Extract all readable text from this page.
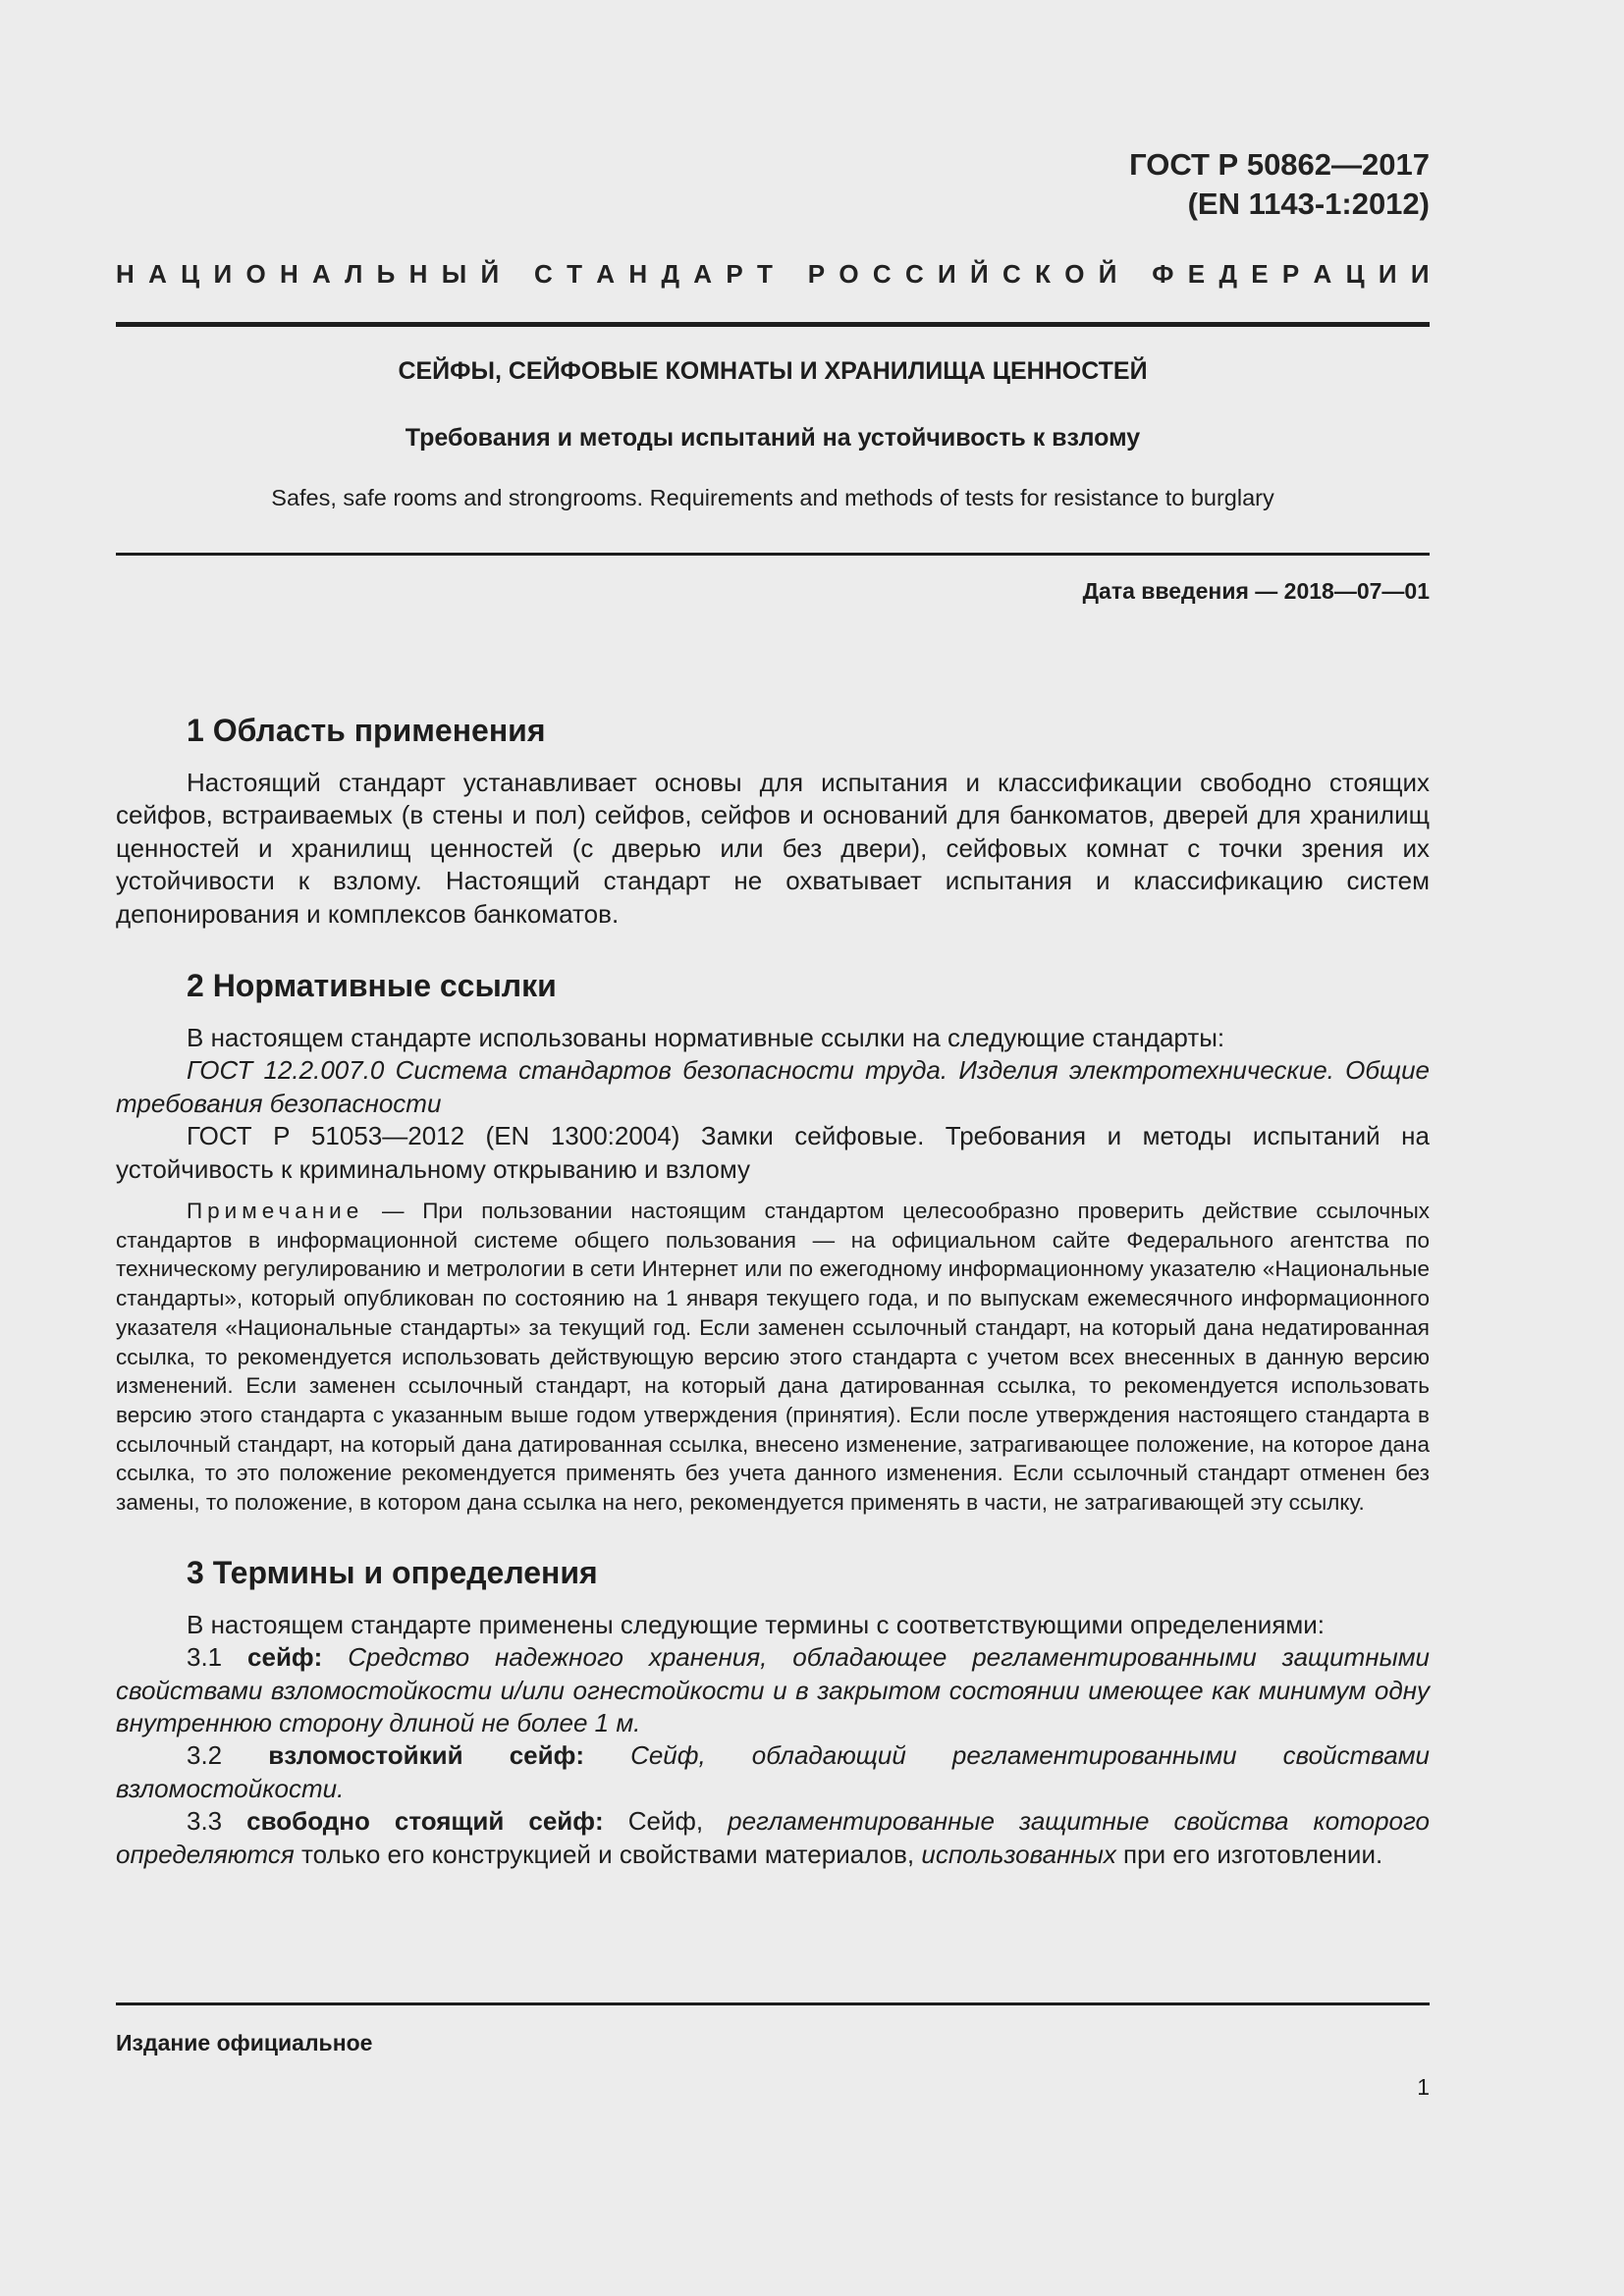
ГОСТ Р 50862—2017
(EN 1143-1:2012)
Н А Ц И О Н А Л Ь Н Ы Й
С Т А Н Д А Р Т
Р О С С И Й С К О Й
Ф Е Д Е Р А Ц И И
СЕЙФЫ, СЕЙФОВЫЕ КОМНАТЫ И ХРАНИЛИЩА ЦЕННОСТЕЙ
Требования и методы испытаний на устойчивость к взлому
Safes, safe rooms and strongrooms. Requirements and methods of tests for resistance to burglary
Дата введения — 2018—07—01
1 Область применения

Настоящий стандарт устанавливает основы для испытания и классификации свободно стоящих сейфов, встраиваемых (в стены и пол) сейфов, сейфов и оснований для банкоматов, дверей для хранилищ ценностей и хранилищ ценностей (с дверью или без двери), сейфовых комнат с точки зрения их устойчивости к взлому. Настоящий стандарт не охватывает испытания и классификацию систем депонирования и комплексов банкоматов.

2 Нормативные ссылки

В настоящем стандарте использованы нормативные ссылки на следующие стандарты:

ГОСТ 12.2.007.0 Система стандартов безопасности труда. Изделия электротехнические. Общие требования безопасности

ГОСТ Р 51053—2012 (EN 1300:2004) Замки сейфовые. Требования и методы испытаний на устойчивость к криминальному открыванию и взлому

Примечание — При пользовании настоящим стандартом целесообразно проверить действие ссылочных стандартов в информационной системе общего пользования — на официальном сайте Федерального агентства по техническому регулированию и метрологии в сети Интернет или по ежегодному информационному указателю «Национальные стандарты», который опубликован по состоянию на 1 января текущего года, и по выпускам ежемесячного информационного указателя «Национальные стандарты» за текущий год. Если заменен ссылочный стандарт, на который дана недатированная ссылка, то рекомендуется использовать действующую версию этого стандарта с учетом всех внесенных в данную версию изменений. Если заменен ссылочный стандарт, на который дана датированная ссылка, то рекомендуется использовать версию этого стандарта с указанным выше годом утверждения (принятия). Если после утверждения настоящего стандарта в ссылочный стандарт, на который дана датированная ссылка, внесено изменение, затрагивающее положение, на которое дана ссылка, то это положение рекомендуется применять без учета данного изменения. Если ссылочный стандарт отменен без замены, то положение, в котором дана ссылка на него, рекомендуется применять в части, не затрагивающей эту ссылку.

3 Термины и определения

В настоящем стандарте применены следующие термины с соответствующими определениями:

3.1 сейф: Средство надежного хранения, обладающее регламентированными защитными свойствами взломостойкости и/или огнестойкости и в закрытом состоянии имеющее как минимум одну внутреннюю сторону длиной не более 1 м.

3.2 взломостойкий сейф: Сейф, обладающий регламентированными свойствами взломостойкости.

3.3 свободно стоящий сейф: Сейф, регламентированные защитные свойства которого определяются только его конструкцией и свойствами материалов, использованных при его изготовлении.

Издание официальное
1
